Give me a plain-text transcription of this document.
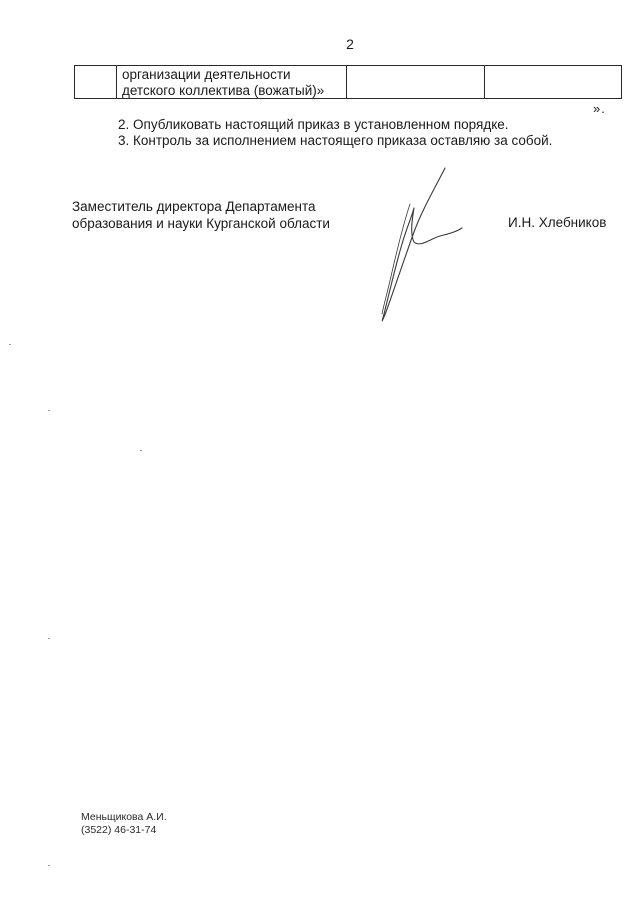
2
организации деятельности
детского коллектива (вожатый)»
».
2. Опубликовать настоящий приказ в установленном порядке.
3. Контроль за исполнением настоящего приказа оставляю за собой.
Заместитель директора Департамента
образования и науки Курганской области	И.Н. Хлебников
Меньщикова А.И.
(3522) 46-31-74
